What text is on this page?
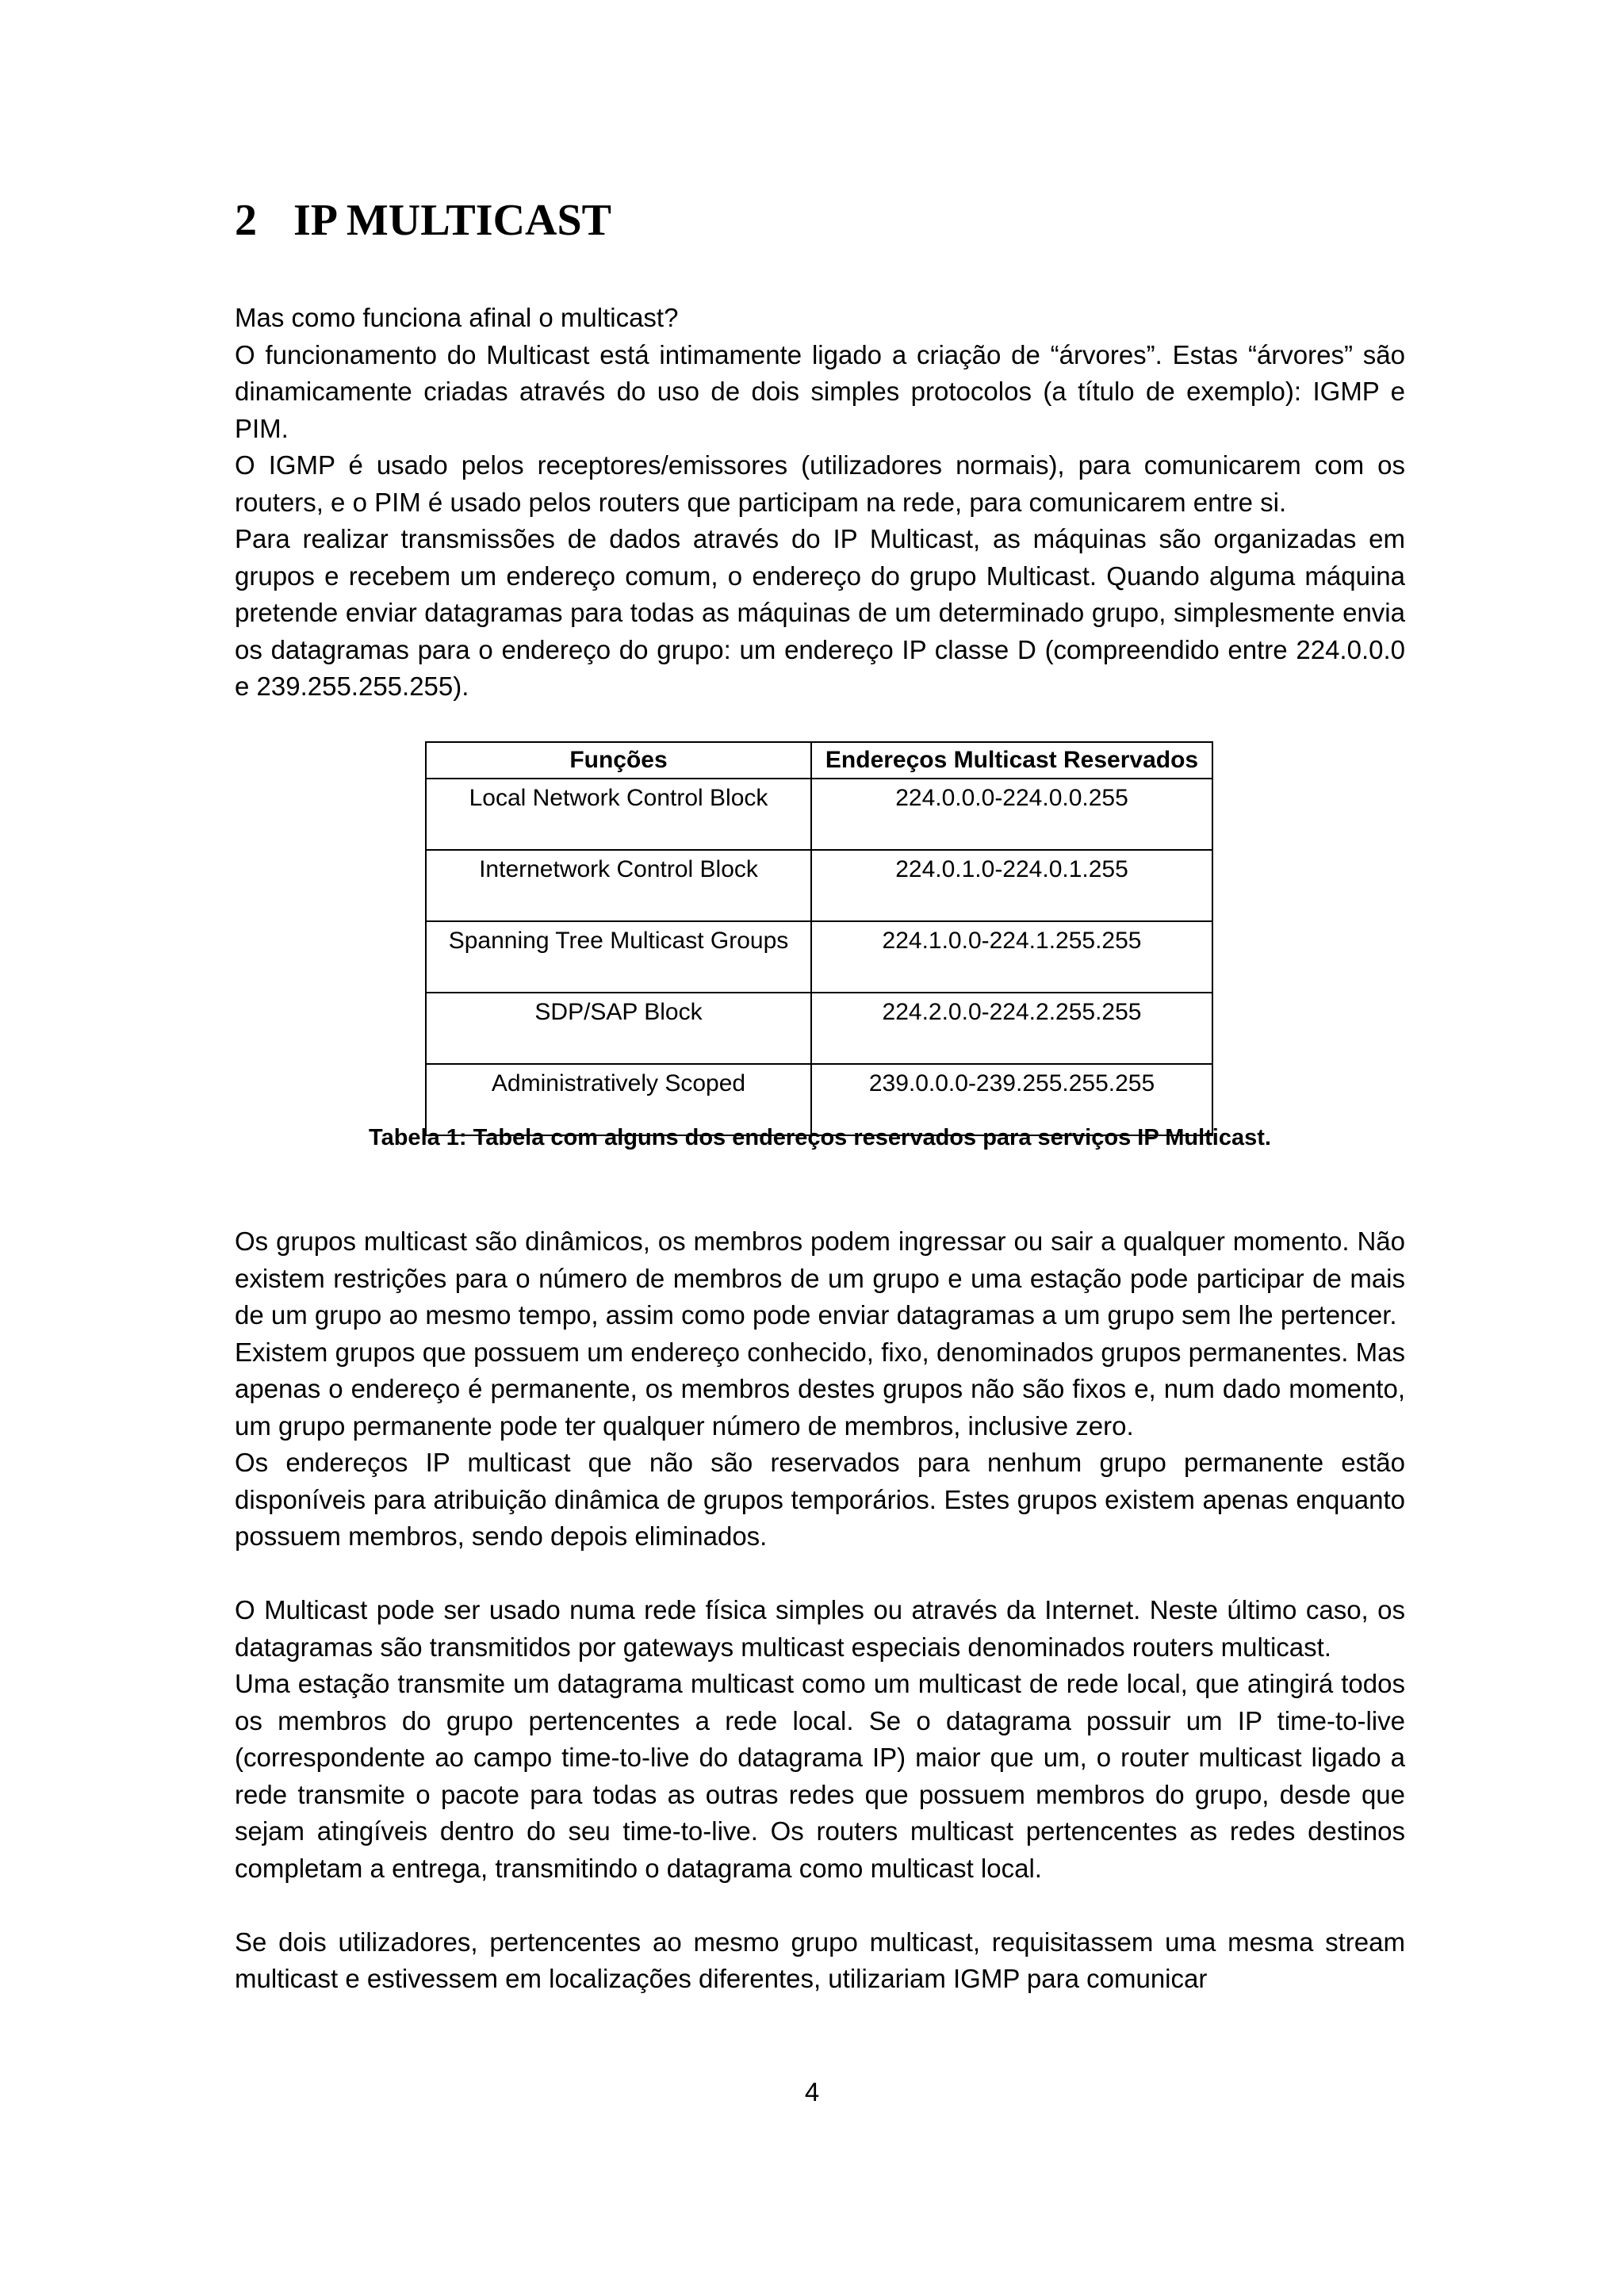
2 IP MULTICAST

Mas como funciona afinal o multicast?

O funcionamento do Multicast está intimamente ligado a criação de “árvores”. Estas “árvores” são dinamicamente criadas através do uso de dois simples protocolos (a título de exemplo): IGMP e PIM.

O IGMP é usado pelos receptores/emissores (utilizadores normais), para comunicarem com os routers, e o PIM é usado pelos routers que participam na rede, para comunicarem entre si.

Para realizar transmissões de dados através do IP Multicast, as máquinas são organizadas em grupos e recebem um endereço comum, o endereço do grupo Multicast. Quando alguma máquina pretende enviar datagramas para todas as máquinas de um determinado grupo, simplesmente envia os datagramas para o endereço do grupo: um endereço IP classe D (compreendido entre 224.0.0.0 e 239.255.255.255).

Funções	Endereços Multicast Reservados
Local Network Control Block	224.0.0.0-224.0.0.255
Internetwork Control Block	224.0.1.0-224.0.1.255
Spanning Tree Multicast Groups	224.1.0.0-224.1.255.255
SDP/SAP Block	224.2.0.0-224.2.255.255
Administratively Scoped	239.0.0.0-239.255.255.255
Tabela 1: Tabela com alguns dos endereços reservados para serviços IP Multicast.

Os grupos multicast são dinâmicos, os membros podem ingressar ou sair a qualquer momento. Não existem restrições para o número de membros de um grupo e uma estação pode participar de mais de um grupo ao mesmo tempo, assim como pode enviar datagramas a um grupo sem lhe pertencer.

Existem grupos que possuem um endereço conhecido, fixo, denominados grupos permanentes. Mas apenas o endereço é permanente, os membros destes grupos não são fixos e, num dado momento, um grupo permanente pode ter qualquer número de membros, inclusive zero.

Os endereços IP multicast que não são reservados para nenhum grupo permanente estão disponíveis para atribuição dinâmica de grupos temporários. Estes grupos existem apenas enquanto possuem membros, sendo depois eliminados.

O Multicast pode ser usado numa rede física simples ou através da Internet. Neste último caso, os datagramas são transmitidos por gateways multicast especiais denominados routers multicast.

Uma estação transmite um datagrama multicast como um multicast de rede local, que atingirá todos os membros do grupo pertencentes a rede local. Se o datagrama possuir um IP time-to-live (correspondente ao campo time-to-live do datagrama IP) maior que um, o router multicast ligado a rede transmite o pacote para todas as outras redes que possuem membros do grupo, desde que sejam atingíveis dentro do seu time-to-live. Os routers multicast pertencentes as redes destinos completam a entrega, transmitindo o datagrama como multicast local.

Se dois utilizadores, pertencentes ao mesmo grupo multicast, requisitassem uma mesma stream multicast e estivessem em localizações diferentes, utilizariam IGMP para comunicar

4
